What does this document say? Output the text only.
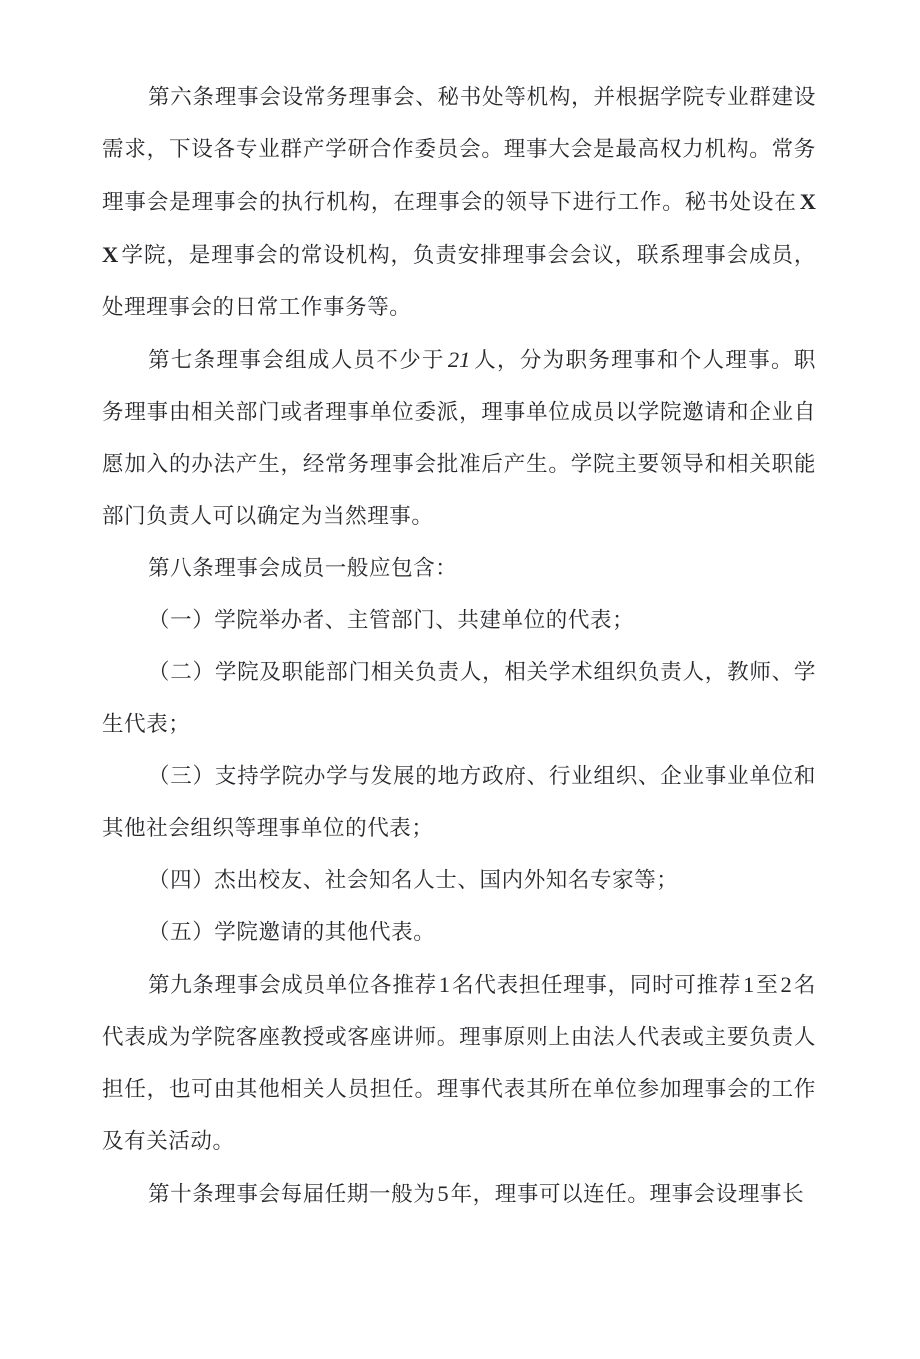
第六条理事会设常务理事会、秘书处等机构，并根据学院专业群建设需求，下设各专业群产学研合作委员会。理事大会是最高权力机构。常务理事会是理事会的执行机构，在理事会的领导下进行工作。秘书处设在 XX 学院，是理事会的常设机构，负责安排理事会会议，联系理事会成员，处理理事会的日常工作事务等。

第七条理事会组成人员不少于 21 人，分为职务理事和个人理事。职务理事由相关部门或者理事单位委派，理事单位成员以学院邀请和企业自愿加入的办法产生，经常务理事会批准后产生。学院主要领导和相关职能部门负责人可以确定为当然理事。

第八条理事会成员一般应包含：

（一）学院举办者、主管部门、共建单位的代表；

（二）学院及职能部门相关负责人，相关学术组织负责人，教师、学生代表；

（三）支持学院办学与发展的地方政府、行业组织、企业事业单位和其他社会组织等理事单位的代表；

（四）杰出校友、社会知名人士、国内外知名专家等；

（五）学院邀请的其他代表。

第九条理事会成员单位各推荐1名代表担任理事，同时可推荐1至2名代表成为学院客座教授或客座讲师。理事原则上由法人代表或主要负责人担任，也可由其他相关人员担任。理事代表其所在单位参加理事会的工作及有关活动。

第十条理事会每届任期一般为5年，理事可以连任。理事会设理事长
